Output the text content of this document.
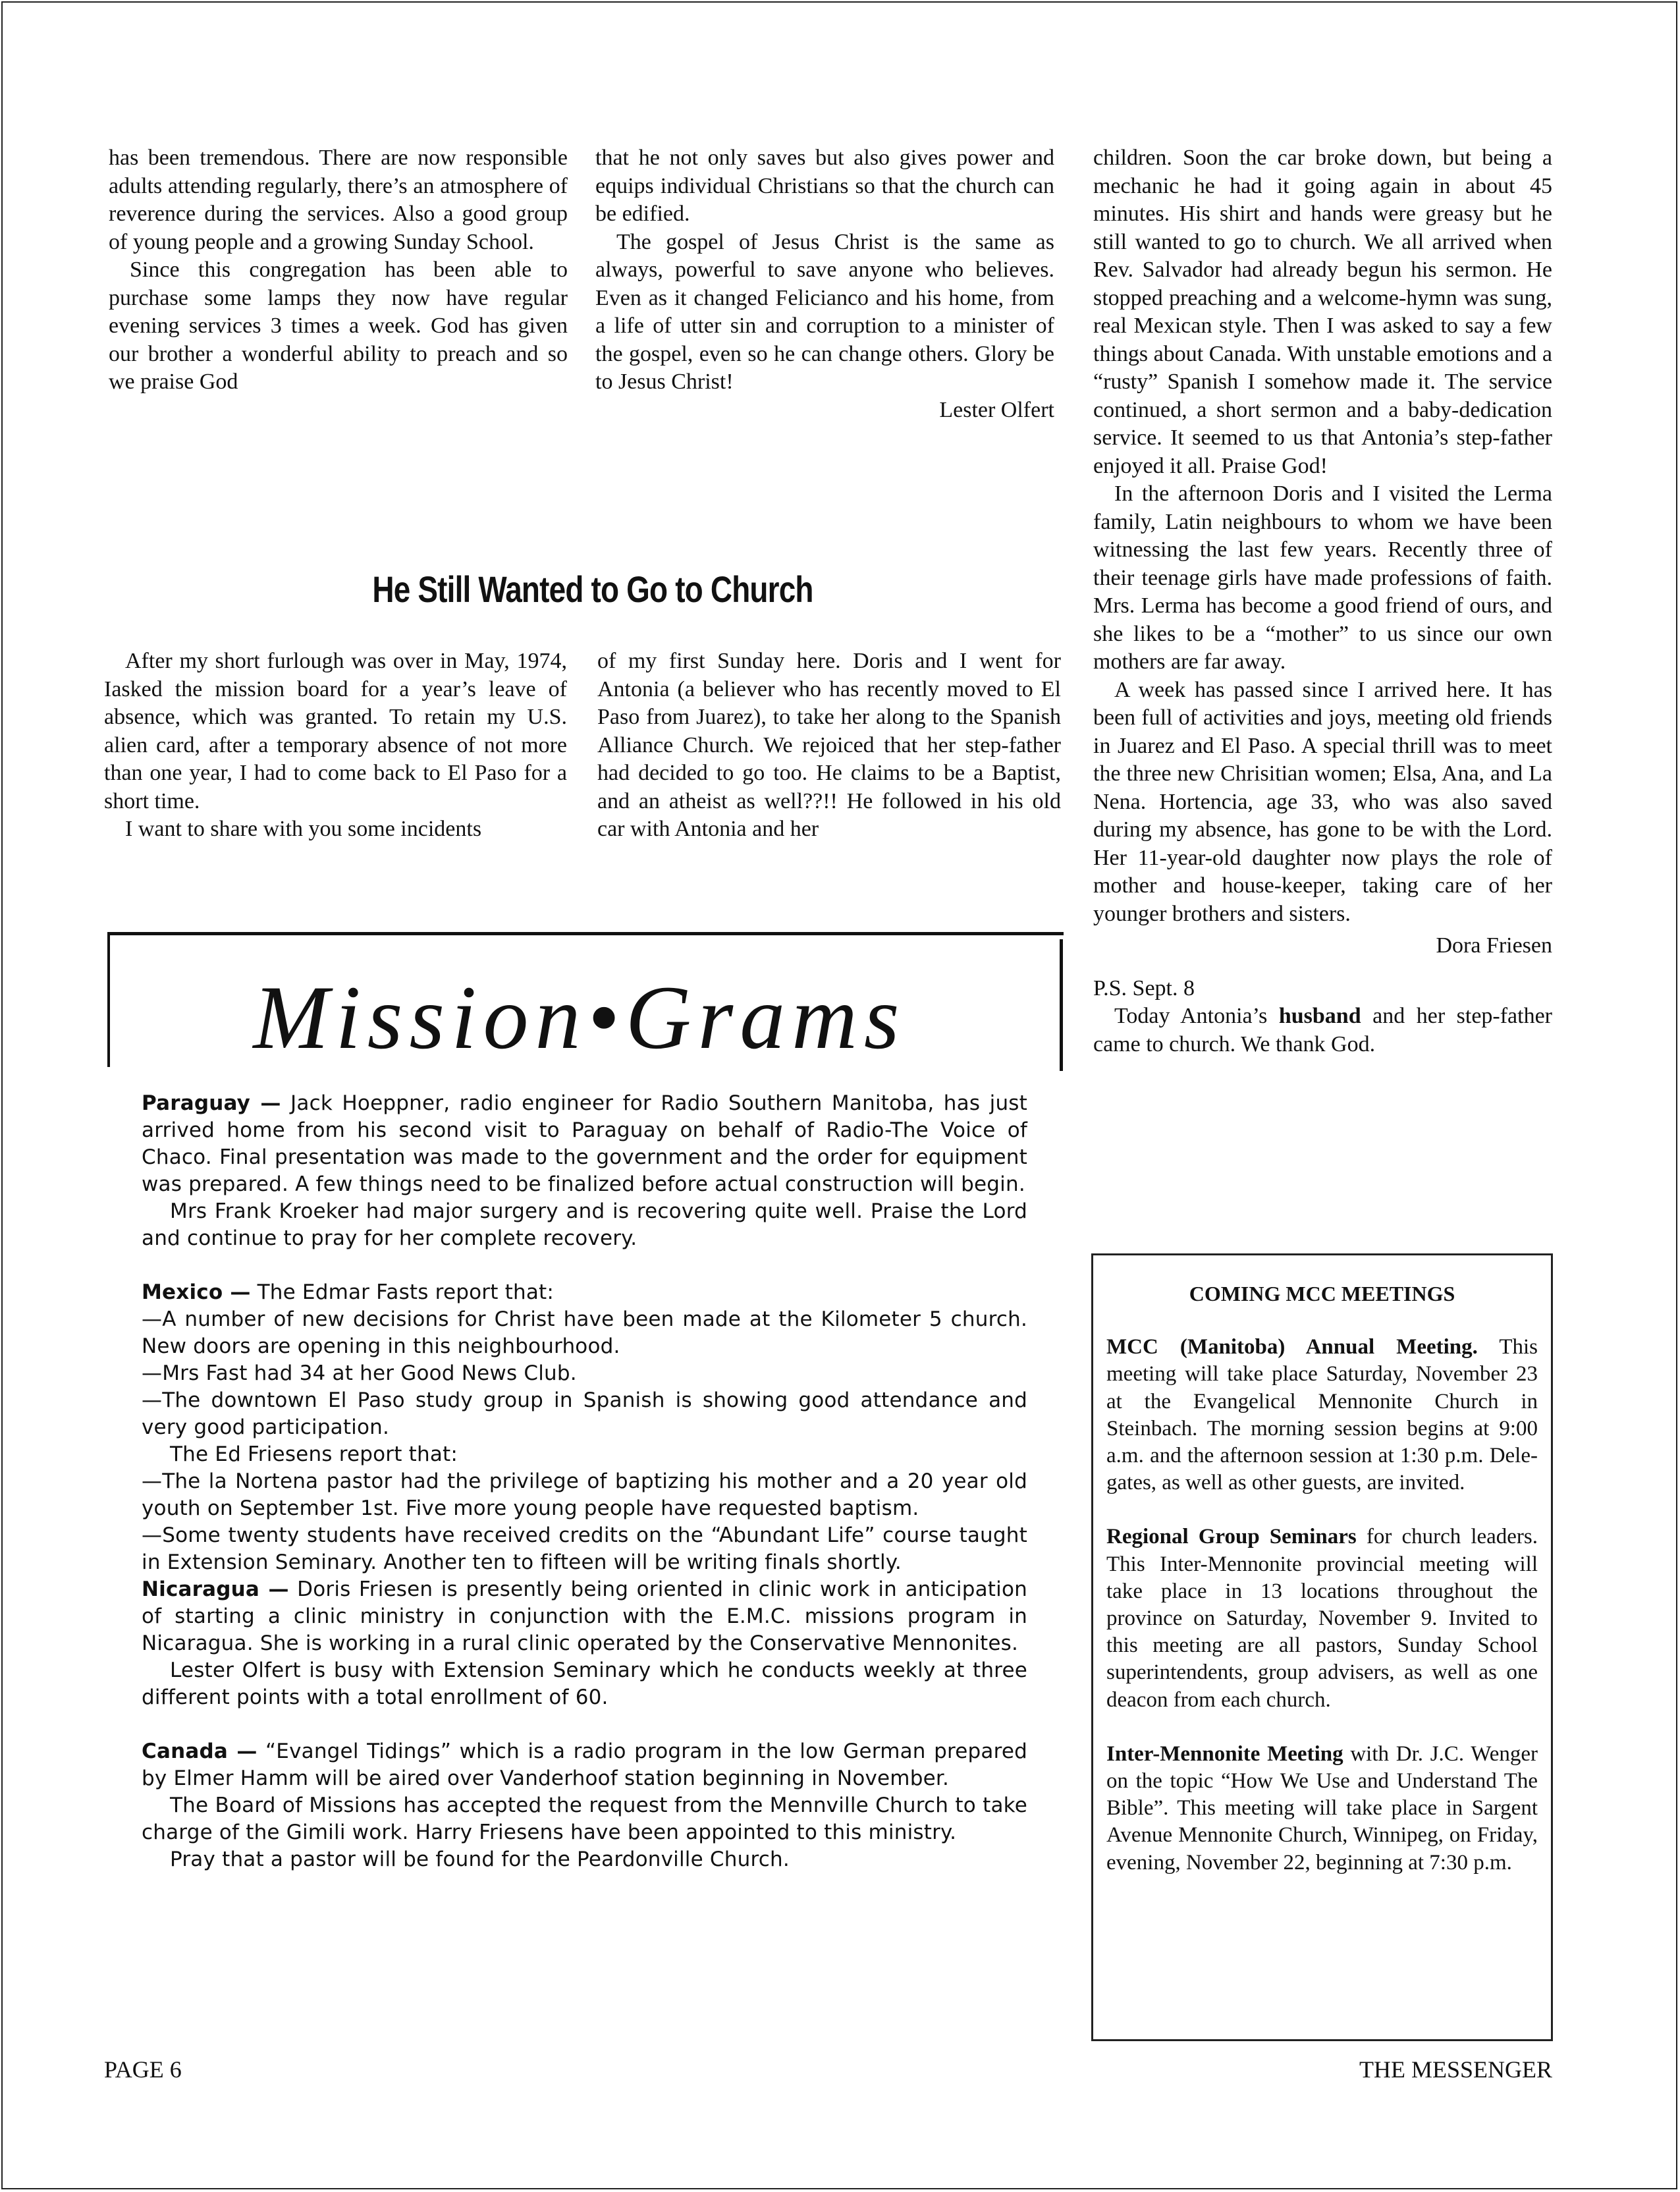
has been tremendous. There are now responsible adults attending regularly, there’s an atmosphere of reverence during the services. Also a good group of young people and a growing Sunday School.

Since this congregation has been able to purchase some lamps they now have regular evening services 3 times a week. God has given our brother a wonderful ability to preach and so we praise God

that he not only saves but also gives power and equips individual Christians so that the church can be edified.

The gospel of Jesus Christ is the same as always, powerful to save anyone who believes. Even as it changed Felicianco and his home, from a life of utter sin and corruption to a minister of the gospel, even so he can change others. Glory be to Jesus Christ!

Lester Olfert

He Still Wanted to Go to Church

After my short furlough was over in May, 1974, Iasked the mission board for a year’s leave of absence, which was granted. To retain my U.S. alien card, after a temporary absence of not more than one year, I had to come back to El Paso for a short time.

I want to share with you some incidents

of my first Sunday here. Doris and I went for Antonia (a believer who has recently moved to El Paso from Juarez), to take her along to the Spanish Alliance Church. We rejoiced that her step-father had decided to go too. He claims to be a Baptist, and an atheist as well??!! He followed in his old car with Antonia and her

children. Soon the car broke down, but being a mechanic he had it going again in about 45 minutes. His shirt and hands were greasy but he still wanted to go to church. We all arrived when Rev. Salvador had already begun his sermon. He stopped preaching and a welcome-hymn was sung, real Mexican style. Then I was asked to say a few things about Canada. With unstable emotions and a “rusty” Spanish I somehow made it. The service continued, a short sermon and a baby-dedication service. It seemed to us that Antonia’s step-father enjoyed it all. Praise God!

In the afternoon Doris and I visited the Lerma family, Latin neighbours to whom we have been witnessing the last few years. Recently three of their teenage girls have made professions of faith. Mrs. Lerma has become a good friend of ours, and she likes to be a “mother” to us since our own mothers are far away.

A week has passed since I arrived here. It has been full of activities and joys, meeting old friends in Juarez and El Paso. A special thrill was to meet the three new Chrisitian women; Elsa, Ana, and La Nena. Hortencia, age 33, who was also saved during my absence, has gone to be with the Lord. Her 11-year-old daughter now plays the role of mother and house-keeper, taking care of her younger brothers and sisters.

Dora Friesen

P.S. Sept. 8

Today Antonia’s husband and her step-father came to church. We thank God.

Mission•Grams

Paraguay — Jack Hoeppner, radio engineer for Radio Southern Manitoba, has just arrived home from his second visit to Paraguay on behalf of Radio-The Voice of Chaco. Final presentation was made to the government and the order for equipment was prepared. A few things need to be finalized before actual construction will begin.

Mrs Frank Kroeker had major surgery and is recovering quite well. Praise the Lord and continue to pray for her complete recovery.

Mexico — The Edmar Fasts report that:

—A number of new decisions for Christ have been made at the Kilometer 5 church. New doors are opening in this neighbourhood.

—Mrs Fast had 34 at her Good News Club.

—The downtown El Paso study group in Spanish is showing good attendance and very good participation.

The Ed Friesens report that:

—The la Nortena pastor had the privilege of baptizing his mother and a 20 year old youth on September 1st. Five more young people have requested baptism.

—Some twenty students have received credits on the “Abundant Life” course taught in Extension Seminary. Another ten to fifteen will be writing finals shortly.

Nicaragua — Doris Friesen is presently being oriented in clinic work in anticipation of starting a clinic ministry in conjunction with the E.M.C. missions program in Nicaragua. She is working in a rural clinic operated by the Conservative Mennonites.

Lester Olfert is busy with Extension Seminary which he conducts weekly at three different points with a total enrollment of 60.

Canada — “Evangel Tidings” which is a radio program in the low German prepared by Elmer Hamm will be aired over Vanderhoof station beginning in November.

The Board of Missions has accepted the request from the Mennville Church to take charge of the Gimili work. Harry Friesens have been appointed to this ministry.

Pray that a pastor will be found for the Peardonville Church.

COMING MCC MEETINGS

MCC (Manitoba) Annual Meeting. This meeting will take place Saturday, November 23 at the Evangelical Mennonite Church in Steinbach. The morning session begins at 9:00 a.m. and the afternoon session at 1:30 p.m. Delegates, as well as other guests, are invited.

Regional Group Seminars for church leaders. This Inter-Mennonite provincial meeting will take place in 13 locations throughout the province on Saturday, November 9. Invited to this meeting are all pastors, Sunday School superintendents, group advisers, as well as one deacon from each church.

Inter-Mennonite Meeting with Dr. J.C. Wenger on the topic “How We Use and Understand The Bible”. This meeting will take place in Sargent Avenue Mennonite Church, Winnipeg, on Friday, evening, November 22, beginning at 7:30 p.m.

PAGE 6	THE MESSENGER
